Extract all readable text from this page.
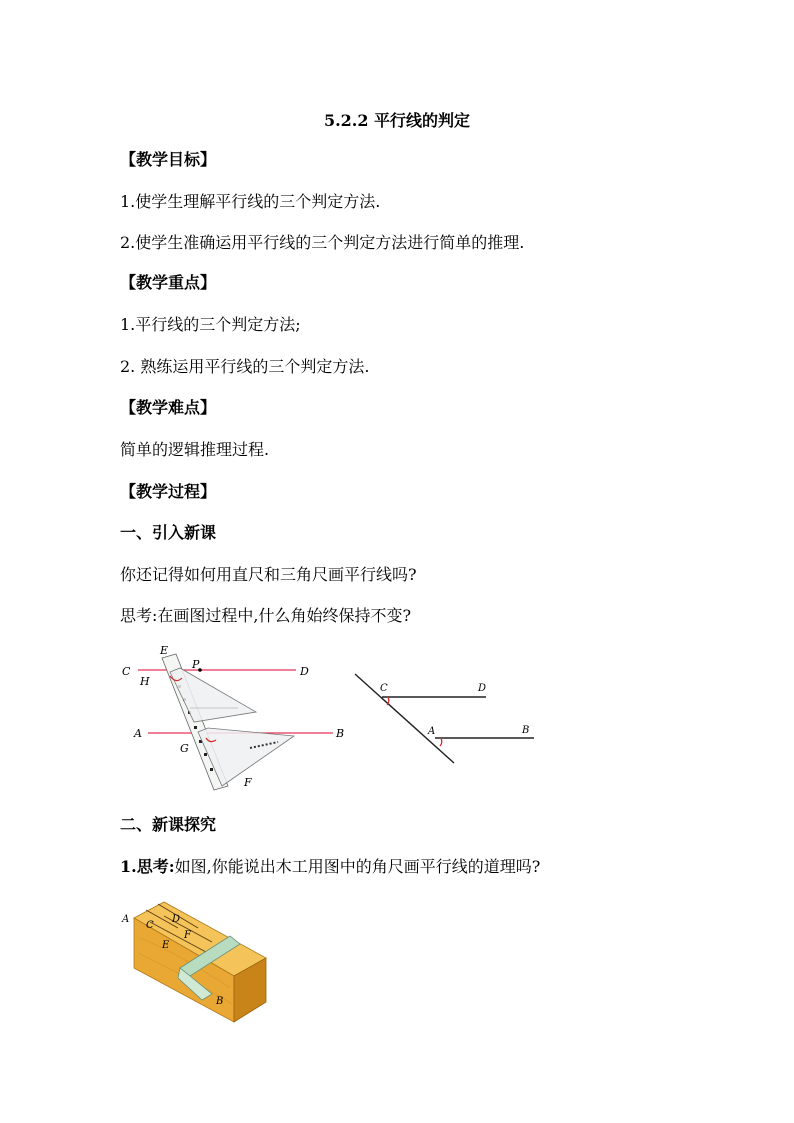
5.2.2 平行线的判定

【教学目标】

1.使学生理解平行线的三个判定方法.

2.使学生准确运用平行线的三个判定方法进行简单的推理.

【教学重点】

1.平行线的三个判定方法;

2. 熟练运用平行线的三个判定方法.

【教学难点】

简单的逻辑推理过程.

【教学过程】

一、引入新课

你还记得如何用直尺和三角尺画平行线吗?

思考:在画图过程中,什么角始终保持不变?

C
H
E
P
D
A
G
B
F
C	D
A	B

二、新课探究

1.思考:如图,你能说出木工用图中的角尺画平行线的道理吗?

A
C
D
E
F
B
